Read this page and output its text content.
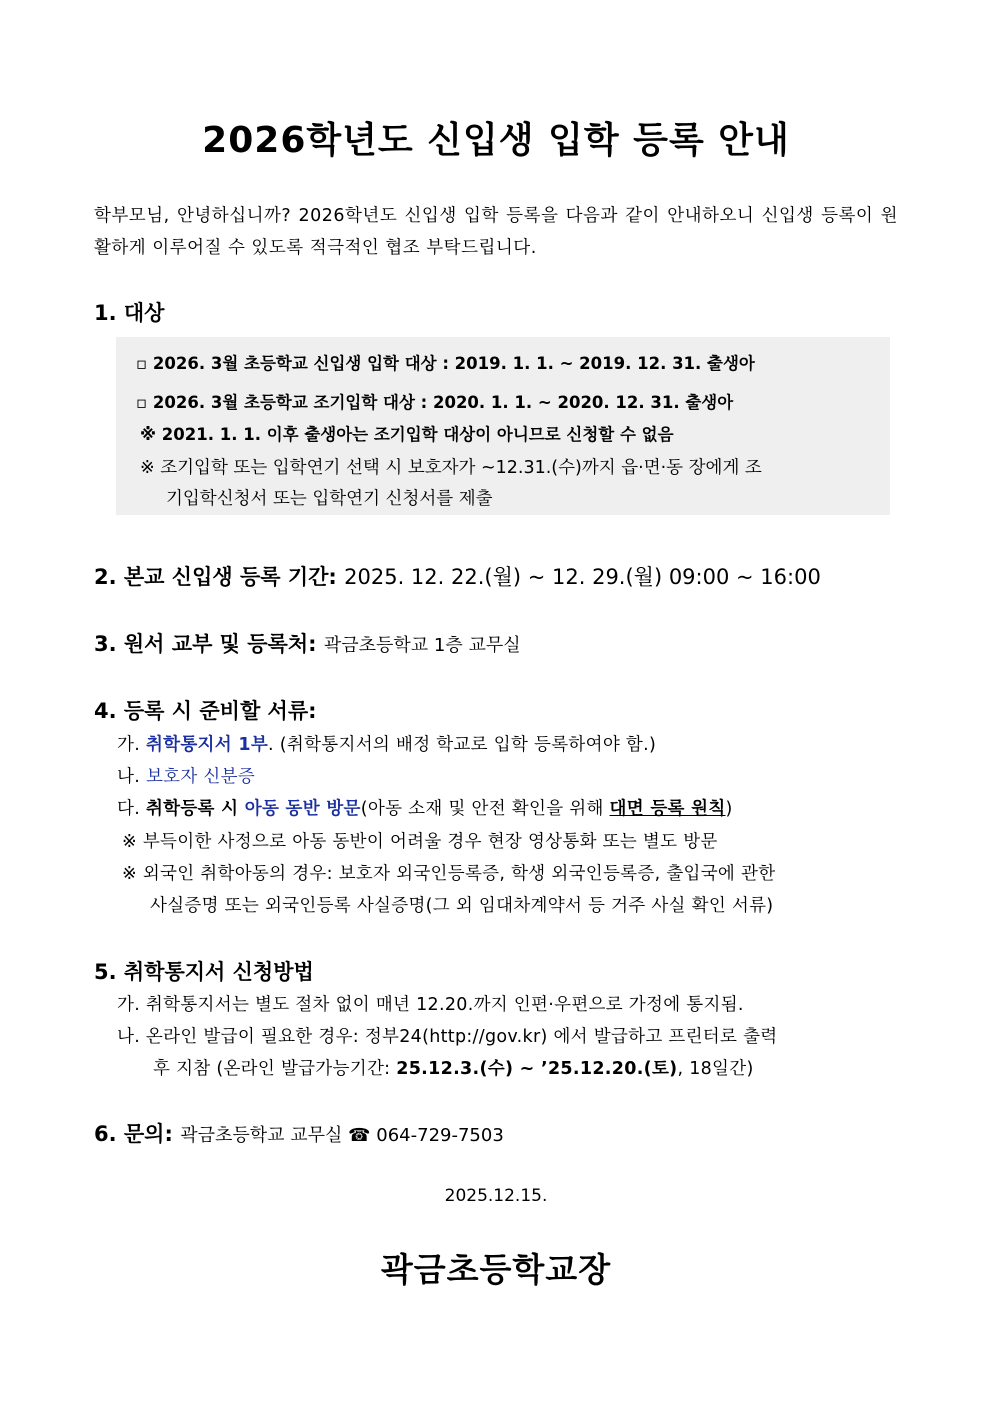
2026학년도 신입생 입학 등록 안내
학부모님, 안녕하십니까? 2026학년도 신입생 입학 등록을 다음과 같이 안내하오니 신입생 등록이 원활하게 이루어질 수 있도록 적극적인 협조 부탁드립니다.
1. 대상
▫ 2026. 3월 초등학교 신입생 입학 대상 : 2019. 1. 1. ~ 2019. 12. 31. 출생아
▫ 2026. 3월 초등학교 조기입학 대상 : 2020. 1. 1. ~ 2020. 12. 31. 출생아
※ 2021. 1. 1. 이후 출생아는 조기입학 대상이 아니므로 신청할 수 없음
※ 조기입학 또는 입학연기 선택 시 보호자가 ~12.31.(수)까지 읍·면·동 장에게 조
기입학신청서 또는 입학연기 신청서를 제출
2. 본교 신입생 등록 기간: 2025. 12. 22.(월) ~ 12. 29.(월) 09:00 ~ 16:00
3. 원서 교부 및 등록처: 곽금초등학교 1층 교무실
4. 등록 시 준비할 서류:
가. 취학통지서 1부. (취학통지서의 배정 학교로 입학 등록하여야 함.)
나. 보호자 신분증
다. 취학등록 시 아동 동반 방문(아동 소재 및 안전 확인을 위해 대면 등록 원칙)
※ 부득이한 사정으로 아동 동반이 어려울 경우 현장 영상통화 또는 별도 방문
※ 외국인 취학아동의 경우: 보호자 외국인등록증, 학생 외국인등록증, 출입국에 관한
사실증명 또는 외국인등록 사실증명(그 외 임대차계약서 등 거주 사실 확인 서류)
5. 취학통지서 신청방법
가. 취학통지서는 별도 절차 없이 매년 12.20.까지 인편·우편으로 가정에 통지됨.
나. 온라인 발급이 필요한 경우: 정부24(http://gov.kr) 에서 발급하고 프린터로 출력
후 지참 (온라인 발급가능기간: 25.12.3.(수) ~ ’25.12.20.(토), 18일간)
6. 문의: 곽금초등학교 교무실 ☎ 064-729-7503
2025.12.15.
곽금초등학교장
